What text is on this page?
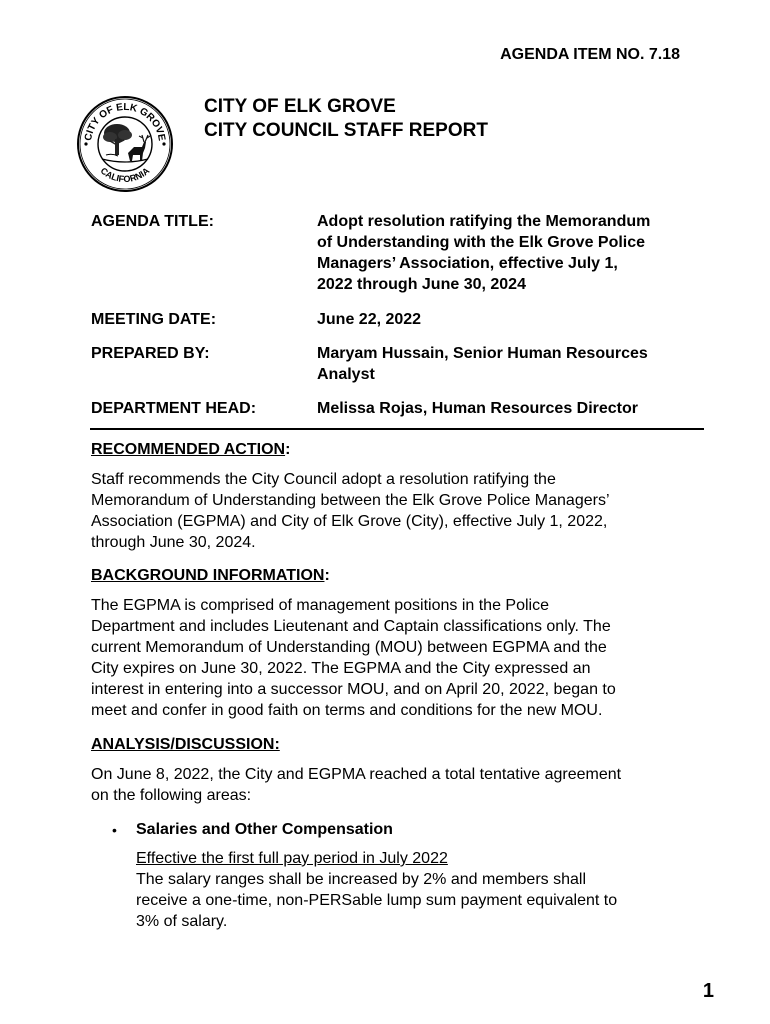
AGENDA ITEM NO. 7.18
CITY OF ELK GROVE
CALIFORNIA
CITY OF ELK GROVE
CITY COUNCIL STAFF REPORT
AGENDA TITLE:	Adopt resolution ratifying the Memorandum
of Understanding with the Elk Grove Police
Managers’ Association, effective July 1,
2022 through June 30, 2024
MEETING DATE:	June 22, 2022
PREPARED BY:	Maryam Hussain, Senior Human Resources
Analyst
DEPARTMENT HEAD:	Melissa Rojas, Human Resources Director
RECOMMENDED ACTION:

Staff recommends the City Council adopt a resolution ratifying the

Memorandum of Understanding between the Elk Grove Police Managers’

Association (EGPMA) and City of Elk Grove (City), effective July 1, 2022,

through June 30, 2024.

BACKGROUND INFORMATION:

The EGPMA is comprised of management positions in the Police

Department and includes Lieutenant and Captain classifications only. The

current Memorandum of Understanding (MOU) between EGPMA and the

City expires on June 30, 2022. The EGPMA and the City expressed an

interest in entering into a successor MOU, and on April 20, 2022, began to

meet and confer in good faith on terms and conditions for the new MOU.

ANALYSIS/DISCUSSION:

On June 8, 2022, the City and EGPMA reached a total tentative agreement

on the following areas:

• Salaries and Other Compensation
Effective the first full pay period in July 2022
The salary ranges shall be increased by 2% and members shall
receive a one-time, non-PERSable lump sum payment equivalent to
3% of salary.
1
